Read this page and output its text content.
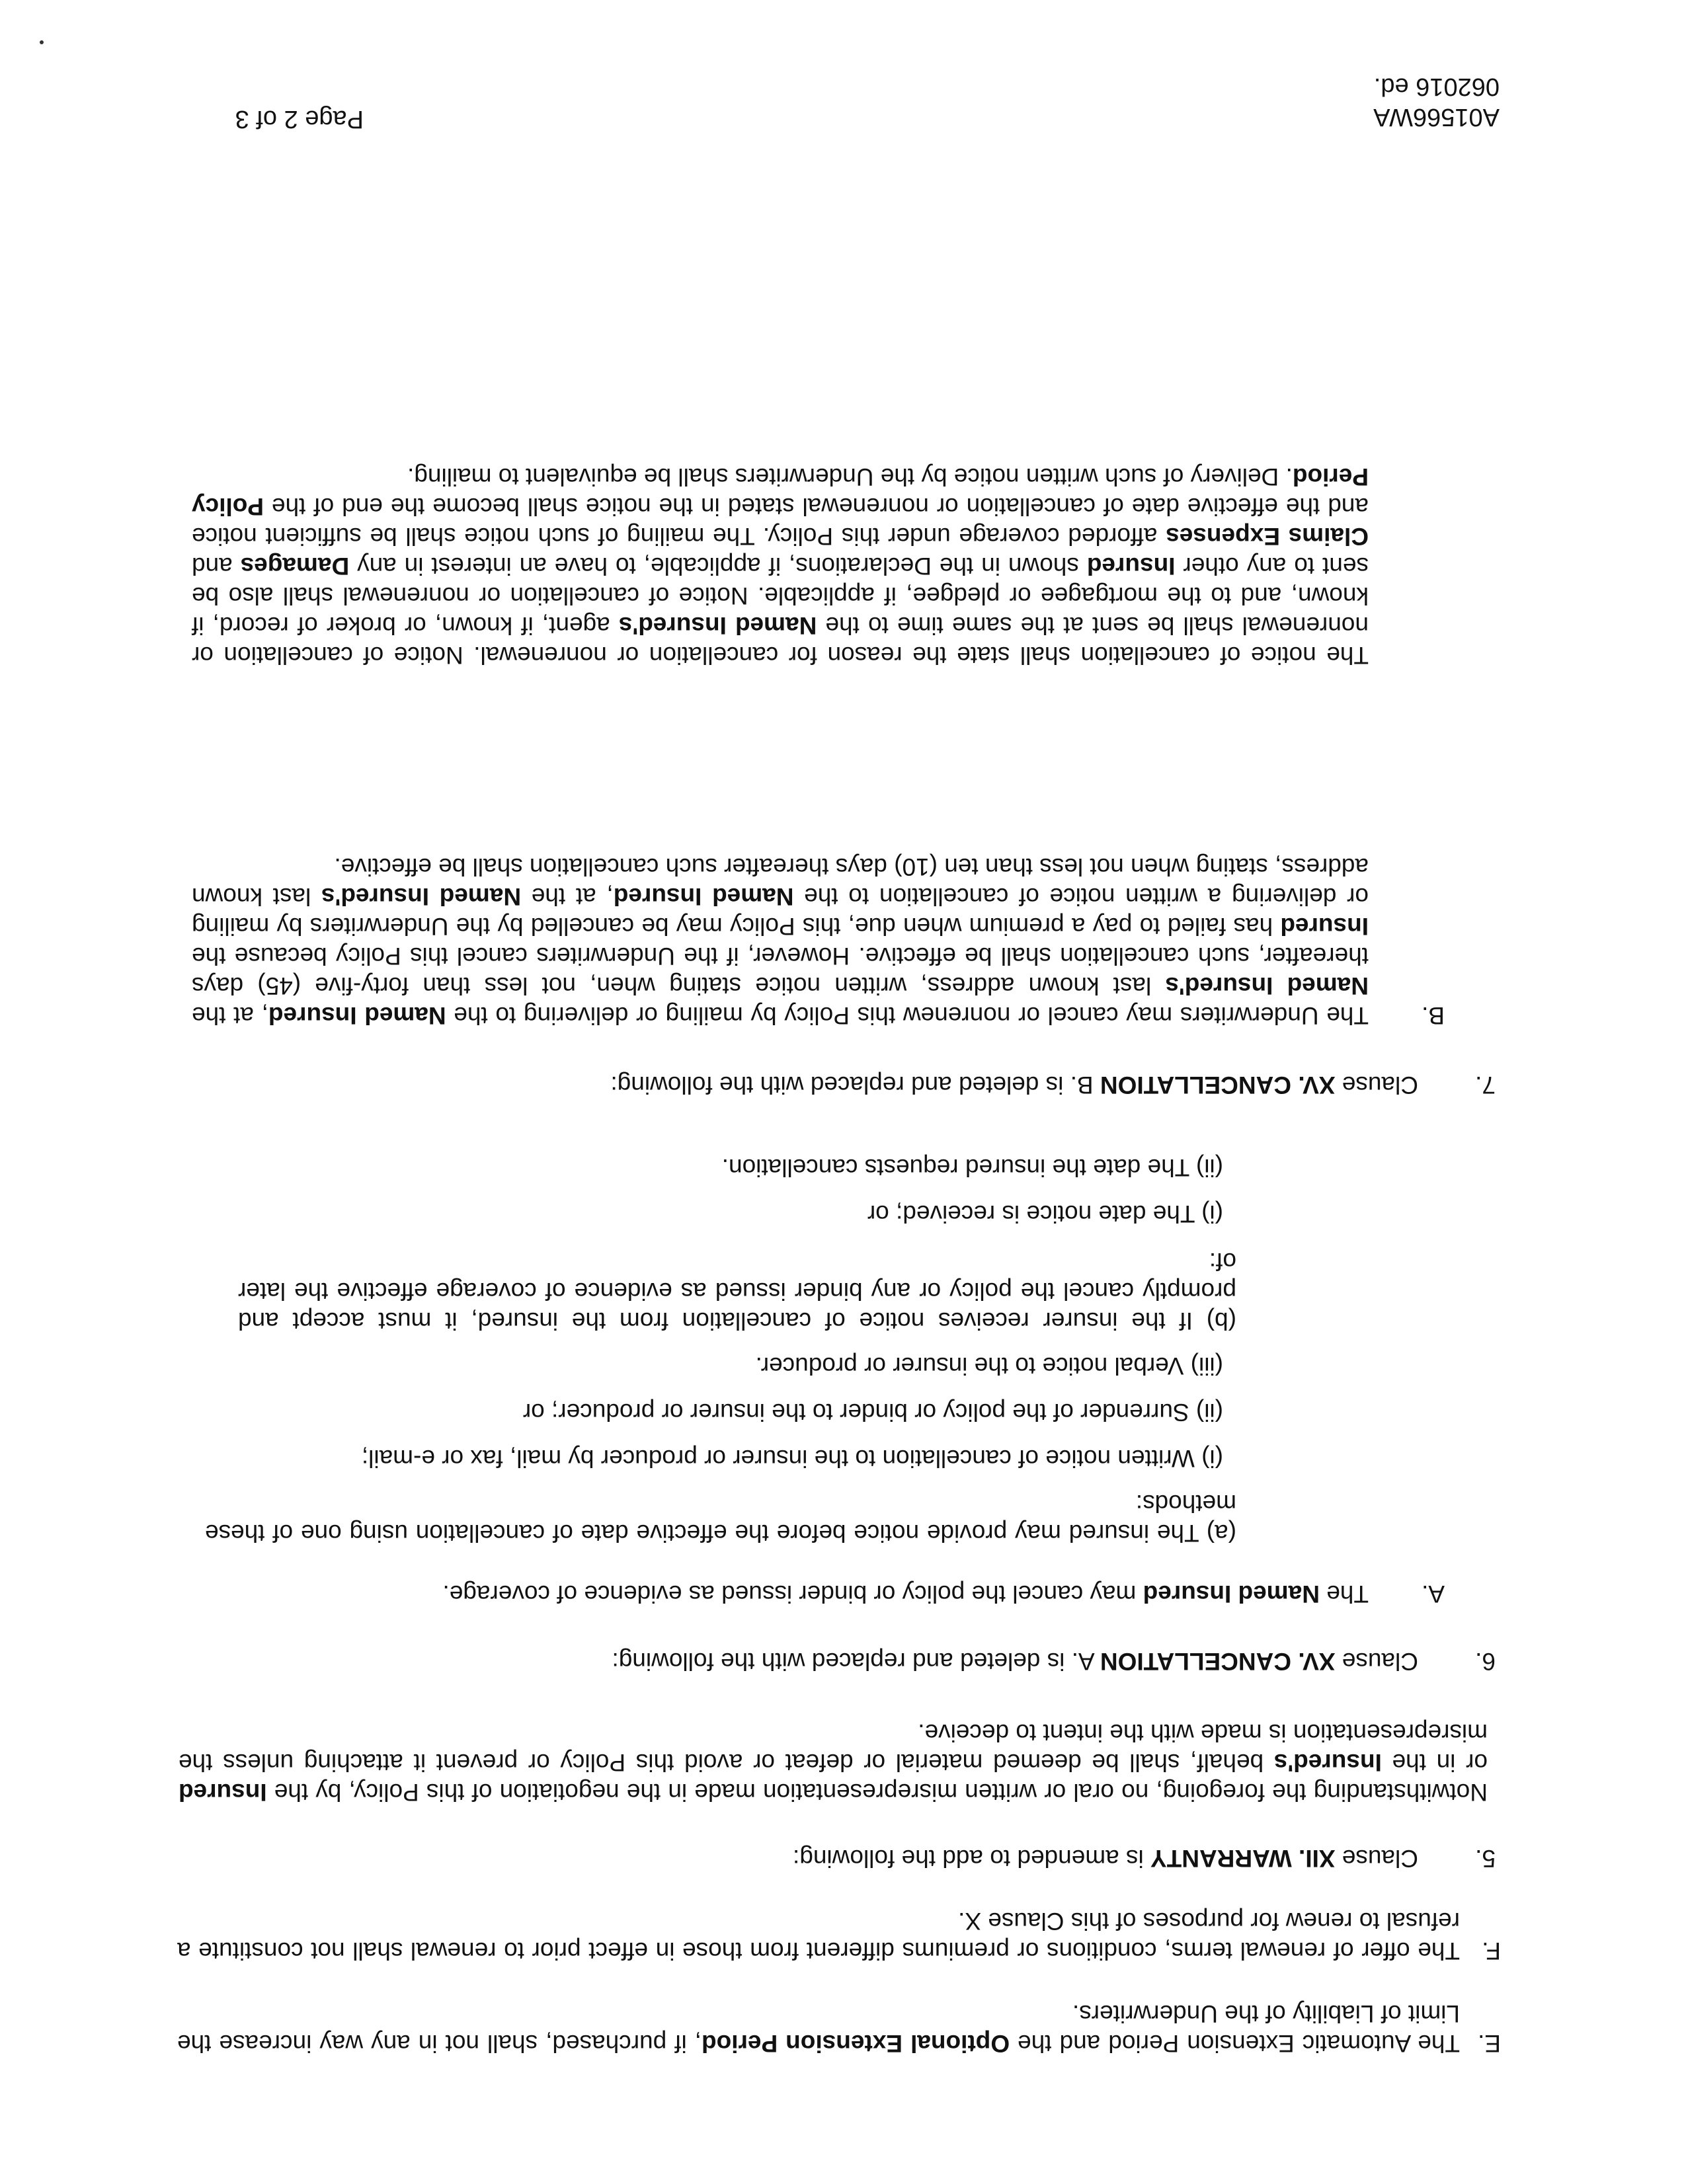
E.
The Automatic Extension Period and the Optional Extension Period, if purchased, shall not in any way increase the Limit of Liability of the Underwriters.
F.
The offer of renewal terms, conditions or premiums different from those in effect prior to renewal shall not constitute a refusal to renew for purposes of this Clause X.
5.
Clause XII. WARRANTY is amended to add the following:
Notwithstanding the foregoing, no oral or written misrepresentation made in the negotiation of this Policy, by the Insured or in the Insured's behalf, shall be deemed material or defeat or avoid this Policy or prevent it attaching unless the misrepresentation is made with the intent to deceive.
6.
Clause XV. CANCELLATION A. is deleted and replaced with the following:
A.
The Named Insured may cancel the policy or binder issued as evidence of coverage.
(a) The insured may provide notice before the effective date of cancellation using one of these methods:
(i) Written notice of cancellation to the insurer or producer by mail, fax or e-mail;
(ii) Surrender of the policy or binder to the insurer or producer; or
(iii) Verbal notice to the insurer or producer.
(b) If the insurer receives notice of cancellation from the insured, it must accept and promptly cancel the policy or any binder issued as evidence of coverage effective the later of:
(i) The date notice is received; or
(ii) The date the insured requests cancellation.
7.
Clause XV. CANCELLATION B. is deleted and replaced with the following:
B.
The Underwriters may cancel or nonrenew this Policy by mailing or delivering to the Named Insured, at the Named Insured's last known address, written notice stating when, not less than forty-five (45) days thereafter, such cancellation shall be effective. However, if the Underwriters cancel this Policy because the Insured has failed to pay a premium when due, this Policy may be cancelled by the Underwriters by mailing or delivering a written notice of cancellation to the Named Insured, at the Named Insured's last known address, stating when not less than ten (10) days thereafter such cancellation shall be effective.
The notice of cancellation shall state the reason for cancellation or nonrenewal. Notice of cancellation or nonrenewal shall be sent at the same time to the Named Insured's agent, if known, or broker of record, if known, and to the mortgagee or pledgee, if applicable. Notice of cancellation or nonrenewal shall also be sent to any other Insured shown in the Declarations, if applicable, to have an interest in any Damages and Claims Expenses afforded coverage under this Policy. The mailing of such notice shall be sufficient notice and the effective date of cancellation or nonrenewal stated in the notice shall become the end of the Policy Period. Delivery of such written notice by the Underwriters shall be equivalent to mailing.
A01566WA
062016 ed.
Page 2 of 3
